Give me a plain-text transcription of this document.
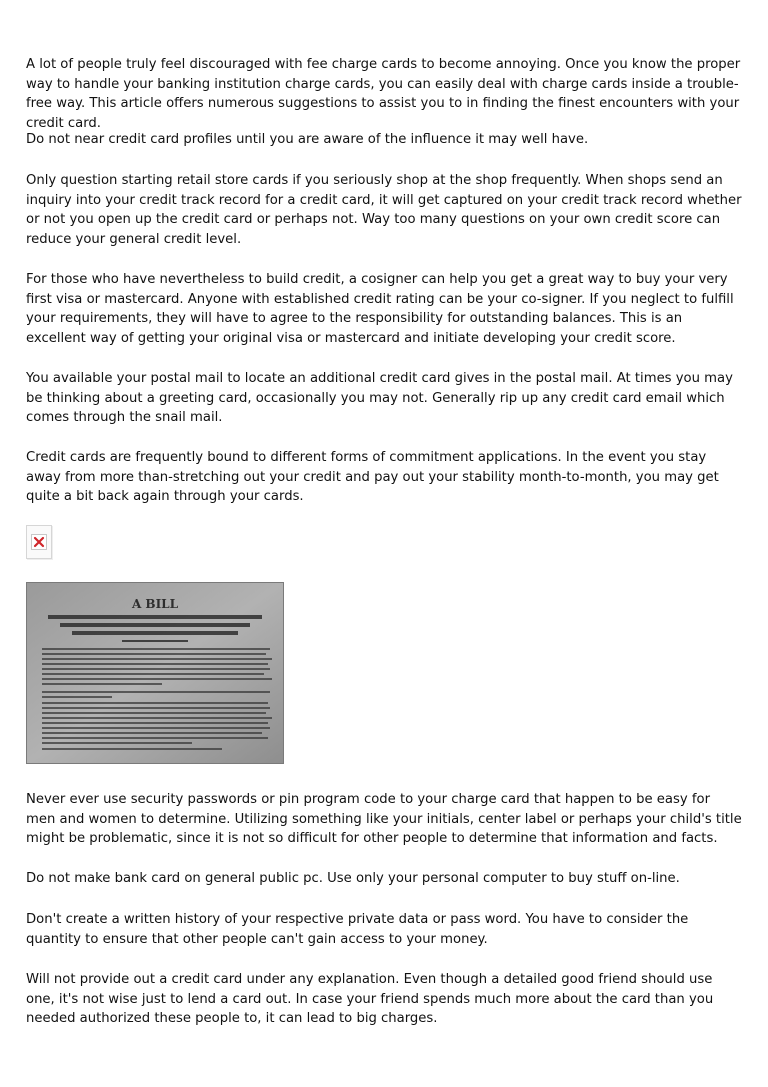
A lot of people truly feel discouraged with fee charge cards to become annoying. Once you know the proper way to handle your banking institution charge cards, you can easily deal with charge cards inside a trouble-free way. This article offers numerous suggestions to assist you to in finding the finest encounters with your credit card.

Do not near credit card profiles until you are aware of the influence it may well have.

Only question starting retail store cards if you seriously shop at the shop frequently. When shops send an inquiry into your credit track record for a credit card, it will get captured on your credit track record whether or not you open up the credit card or perhaps not. Way too many questions on your own credit score can reduce your general credit level.

For those who have nevertheless to build credit, a cosigner can help you get a great way to buy your very first visa or mastercard. Anyone with established credit rating can be your co-signer. If you neglect to fulfill your requirements, they will have to agree to the responsibility for outstanding balances. This is an excellent way of getting your original visa or mastercard and initiate developing your credit score.

You available your postal mail to locate an additional credit card gives in the postal mail. At times you may be thinking about a greeting card, occasionally you may not. Generally rip up any credit card email which comes through the snail mail.

Credit cards are frequently bound to different forms of commitment applications. In the event you stay away from more than-stretching out your credit and pay out your stability month-to-month, you may get quite a bit back again through your cards.

A BILL

Never ever use security passwords or pin program code to your charge card that happen to be easy for men and women to determine. Utilizing something like your initials, center label or perhaps your child's title might be problematic, since it is not so difficult for other people to determine that information and facts.

Do not make bank card on general public pc. Use only your personal computer to buy stuff on-line.

Don't create a written history of your respective private data or pass word. You have to consider the quantity to ensure that other people can't gain access to your money.

Will not provide out a credit card under any explanation. Even though a detailed good friend should use one, it's not wise just to lend a card out. In case your friend spends much more about the card than you needed authorized these people to, it can lead to big charges.
